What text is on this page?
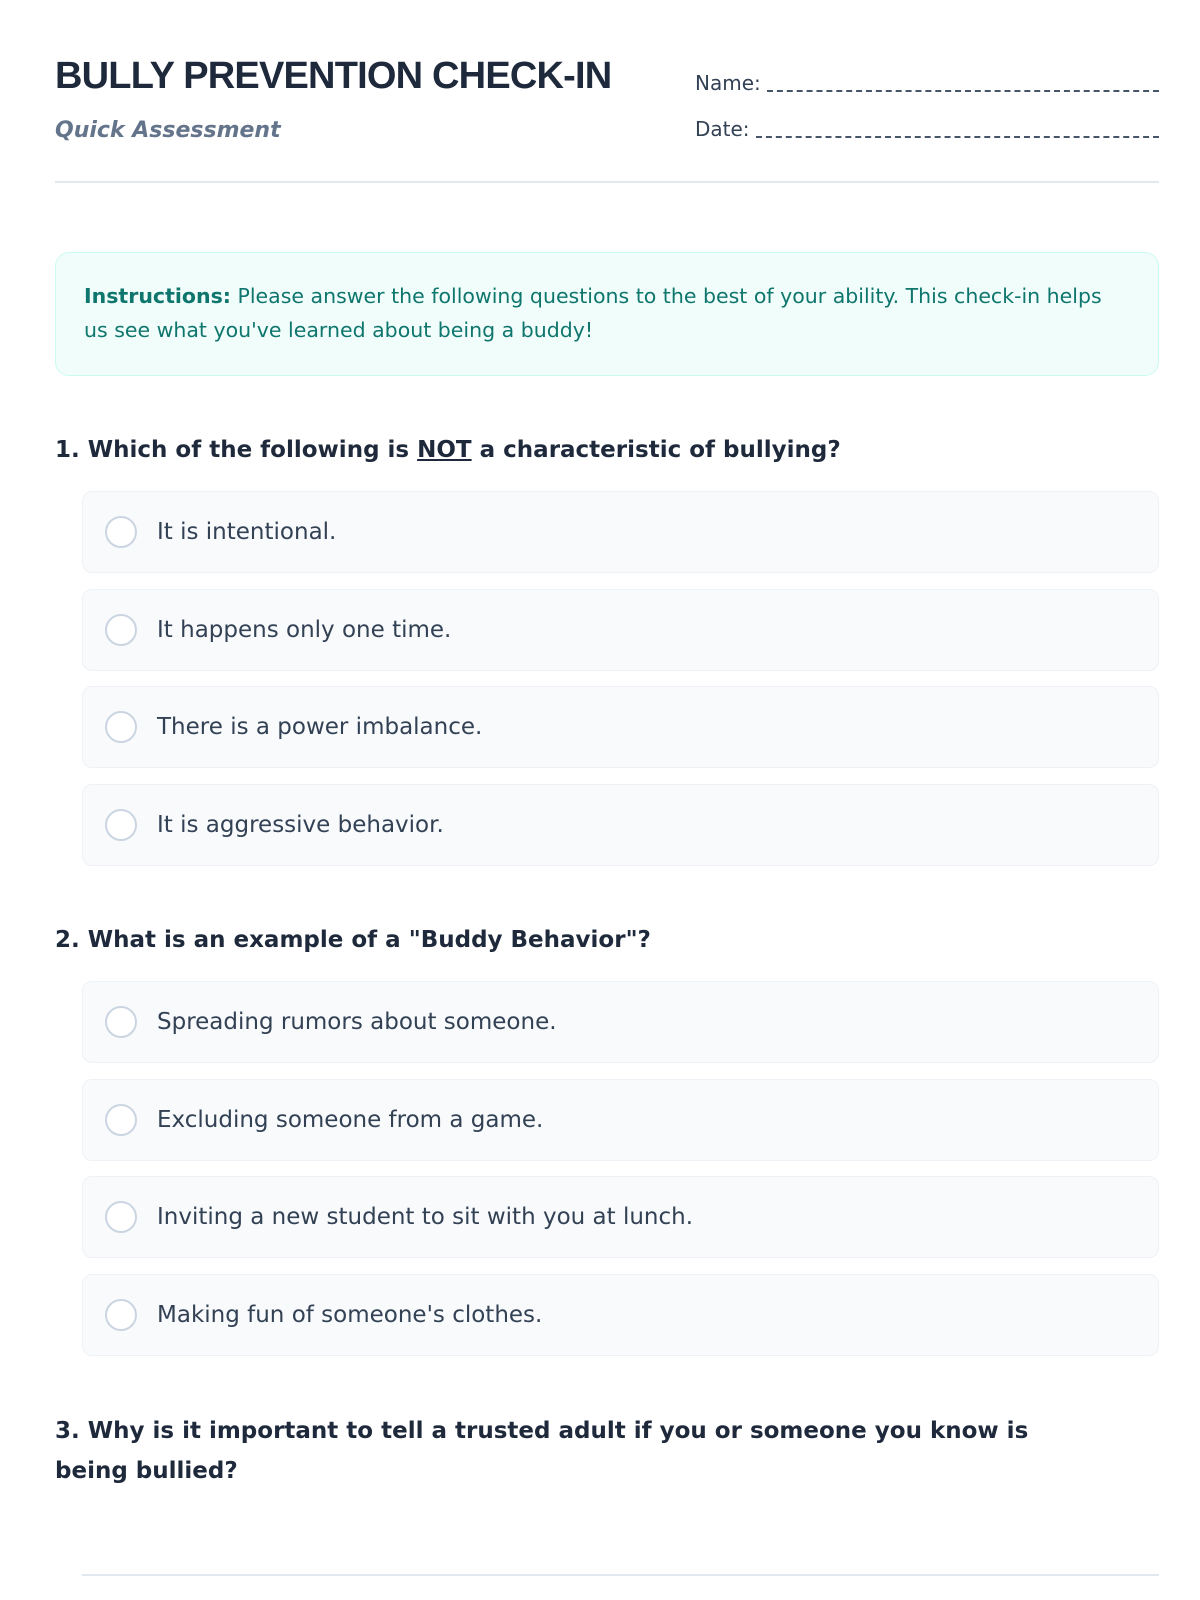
BULLY PREVENTION CHECK-IN
Quick Assessment
Name:
Date:
Instructions: Please answer the following questions to the best of your ability. This check-in helps us see what you've learned about being a buddy!
1. Which of the following is NOT a characteristic of bullying?
It is intentional.
It happens only one time.
There is a power imbalance.
It is aggressive behavior.
2. What is an example of a "Buddy Behavior"?
Spreading rumors about someone.
Excluding someone from a game.
Inviting a new student to sit with you at lunch.
Making fun of someone's clothes.
3. Why is it important to tell a trusted adult if you or someone you know is being bullied?
